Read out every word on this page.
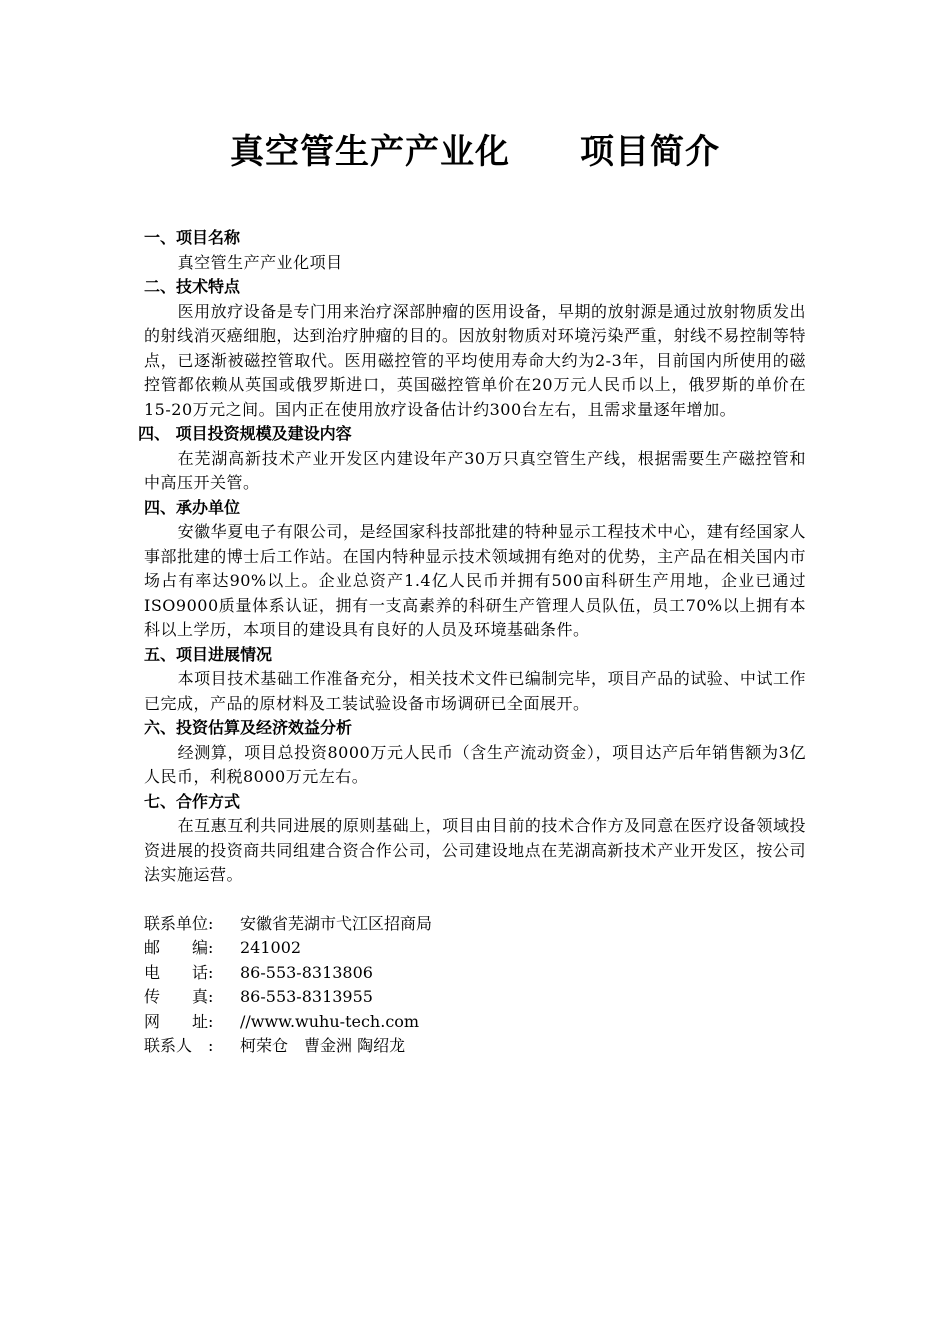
真空管生产产业化　　项目简介
一、项目名称
真空管生产产业化项目
二、技术特点
医用放疗设备是专门用来治疗深部肿瘤的医用设备，早期的放射源是通过放射物质发出的射线消灭癌细胞，达到治疗肿瘤的目的。因放射物质对环境污染严重，射线不易控制等特点，已逐渐被磁控管取代。医用磁控管的平均使用寿命大约为2-3年，目前国内所使用的磁控管都依赖从英国或俄罗斯进口，英国磁控管单价在20万元人民币以上，俄罗斯的单价在15-20万元之间。国内正在使用放疗设备估计约300台左右，且需求量逐年增加。
四、 项目投资规模及建设内容
在芜湖高新技术产业开发区内建设年产30万只真空管生产线，根据需要生产磁控管和中高压开关管。
四、承办单位
安徽华夏电子有限公司，是经国家科技部批建的特种显示工程技术中心，建有经国家人事部批建的博士后工作站。在国内特种显示技术领域拥有绝对的优势，主产品在相关国内市场占有率达90%以上。企业总资产1.4亿人民币并拥有500亩科研生产用地，企业已通过ISO9000质量体系认证，拥有一支高素养的科研生产管理人员队伍，员工70%以上拥有本科以上学历，本项目的建设具有良好的人员及环境基础条件。
五、项目进展情况
本项目技术基础工作准备充分，相关技术文件已编制完毕，项目产品的试验、中试工作已完成，产品的原材料及工装试验设备市场调研已全面展开。
六、投资估算及经济效益分析
经测算，项目总投资8000万元人民币（含生产流动资金），项目达产后年销售额为3亿人民币，利税8000万元左右。
七、合作方式
在互惠互利共同进展的原则基础上，项目由目前的技术合作方及同意在医疗设备领域投资进展的投资商共同组建合资合作公司，公司建设地点在芜湖高新技术产业开发区，按公司法实施运营。
联系单位:	安徽省芜湖市弋江区招商局
邮　　编:	241002
电　　话:	86-553-8313806
传　　真:	86-553-8313955
网　　址:	//www.wuhu-tech.com
联系人　:	柯荣仓　曹金洲 陶绍龙
